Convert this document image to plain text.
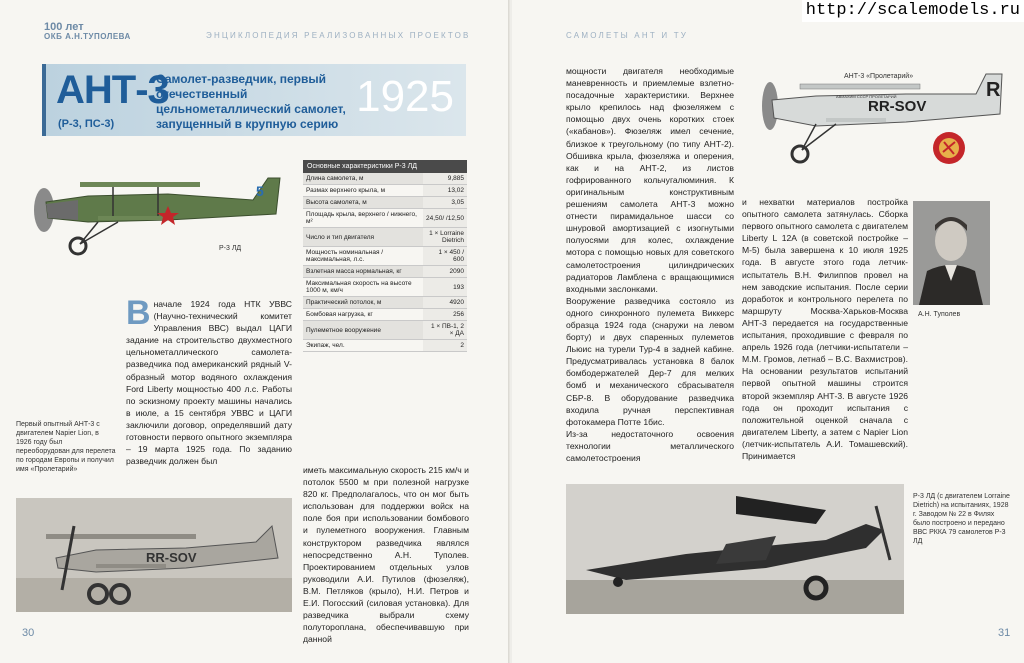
100 лет
ОКБ А.Н.ТУПОЛЕВА	ЭНЦИКЛОПЕДИЯ РЕАЛИЗОВАННЫХ ПРОЕКТОВ
АНТ-3
(Р-3, ПС-3)
Самолет-разведчик, первый отечественный цельнометаллический самолет, запущенный в крупную серию
1925
5
Р-3 ЛД
Основные характеристики Р-3 ЛД	
Длина самолета, м	9,885
Размах верхнего крыла, м	13,02
Высота самолета, м	3,05
Площадь крыла, верхнего / нижнего, м²	24,50/ /12,50
Число и тип двигателя	1 × Lorraine Dietrich
Мощность номинальная / максимальная, л.с.	1 × 450 / 600
Взлетная масса нормальная, кг	2090
Максимальная скорость на высоте 1000 м, км/ч	193
Практический потолок, м	4920
Бомбовая нагрузка, кг	256
Пулеметное вооружение	1 × ПВ-1, 2 × ДА
Экипаж, чел.	2
Вначале 1924 года НТК УВВС (Научно-технический комитет Управления ВВС) выдал ЦАГИ задание на строительство двухместного цельнометаллического самолета-разведчика под американский рядный V-образный мотор водяного охлаждения Ford Liberty мощностью 400 л.с. Работы по эскизному проекту машины начались в июле, а 15 сентября УВВС и ЦАГИ заключили договор, определявший дату готовности первого опытного экземпляра – 19 марта 1925 года. По заданию разведчик должен был
иметь максимальную скорость 215 км/ч и потолок 5500 м при полезной нагрузке 820 кг. Предполагалось, что он мог быть использован для поддержки войск на поле боя при использовании бомбового и пулеметного вооружения. Главным конструктором разведчика являлся непосредственно А.Н. Туполев. Проектированием отдельных узлов руководили А.И. Путилов (фюзеляж), В.М. Петляков (крыло), Н.И. Петров и Е.И. Погосский (силовая установка). Для разведчика выбрали схему полутороплана, обеспечивавшую при данной
Первый опытный АНТ-3 с двигателем Napier Lion, в 1926 году был переоборудован для перелета по городам Европы и получил имя «Пролетарий»
RR-SOV
30
САМОЛЕТЫ АНТ И ТУ
мощности двигателя необходимые маневренность и приемлемые взлетно-посадочные характеристики. Верхнее крыло крепилось над фюзеляжем с помощью двух очень коротких стоек («кабанов»). Фюзеляж имел сечение, близкое к треугольному (по типу АНТ-2). Обшивка крыла, фюзеляжа и оперения, как и на АНТ-2, из листов гофрированного кольчугалюминия. К оригинальным конструктивным решениям самолета АНТ-3 можно отнести пирамидальное шасси со шнуровой амортизацией с изогнутыми полуосями для колес, охлаждение мотора с помощью новых для советского самолетостроения цилиндрических радиаторов Ламблена с вращающимися входными заслонками.
Вооружение разведчика состояло из одного синхронного пулемета Виккерс образца 1924 года (снаружи на левом борту) и двух спаренных пулеметов Льюис на турели Тур-4 в задней кабине. Предусматривалась установка 8 балок бомбодержателей Дер-7 для мелких бомб и механического сбрасывателя СБР-8. В оборудование разведчика входила ручная перспективная фотокамера Потте 1бис.
Из-за недостаточного освоения технологии металлического самолетостроения
АНТ-3 «Пролетарий»
АВИАХИМ СССР ПРОЛЕТАРИЙ
RR-SOV
R
и нехватки материалов постройка опытного самолета затянулась. Сборка первого опытного самолета с двигателем Liberty L 12A (в советской постройке – М-5) была завершена к 10 июля 1925 года. В августе этого года летчик-испытатель В.Н. Филиппов провел на нем заводские испытания. После серии доработок и контрольного перелета по маршруту Москва-Харьков-Москва АНТ-3 передается на государственные испытания, проходившие с февраля по апрель 1926 года (летчики-испытатели – М.М. Громов, летнаб – В.С. Вахмистров). На основании результатов испытаний первой опытной машины строится второй экземпляр АНТ-3. В августе 1926 года он проходит испытания с положительной оценкой сначала с двигателем Liberty, а затем с Napier Lion (летчик-испытатель А.И. Томашевский). Принимается
А.Н. Туполев
Р-3 ЛД (с двигателем Lorraine Dietrich) на испытаниях, 1928 г. Заводом № 22 в Филях было построено и передано ВВС РККА 79 самолетов Р-3 ЛД
31
http://scalemodels.ru
